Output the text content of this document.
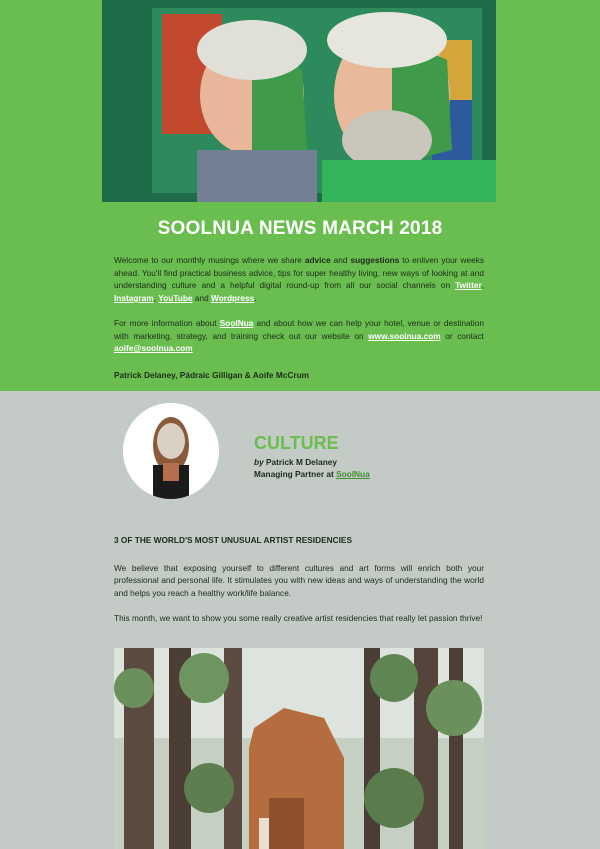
SOOLNUA NEWS MARCH 2018

Welcome to our monthly musings where we share advice and suggestions to enliven your weeks ahead. You'll find practical business advice, tips for super healthy living, new ways of looking at and understanding culture and a helpful digital round-up from all our social channels on Twitter, Instagram, YouTube and Wordpress.

For more information about SoolNua and about how we can help your hotel, venue or destination with marketing, strategy, and training check out our website on www.soolnua.com or contact aoife@soolnua.com

Patrick Delaney, Pádraic Gilligan & Aoife McCrum
CULTURE
by Patrick M Delaney
Managing Partner at SoolNua
3 OF THE WORLD'S MOST UNUSUAL ARTIST RESIDENCIES

We believe that exposing yourself to different cultures and art forms will enrich both your professional and personal life. It stimulates you with new ideas and ways of understanding the world and helps you reach a healthy work/life balance.

This month, we want to show you some really creative artist residencies that really let passion thrive!
